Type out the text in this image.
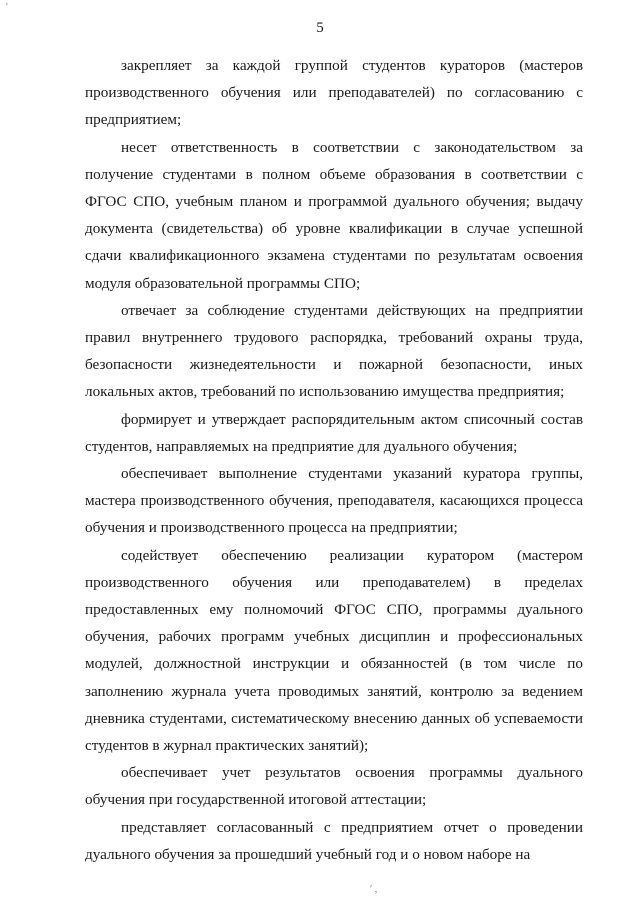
'
′ ,
5

закрепляет за каждой группой студентов кураторов (мастеров производственного обучения или преподавателей) по согласованию с предприятием;

несет ответственность в соответствии с законодательством за получение студентами в полном объеме образования в соответствии с ФГОС СПО, учебным планом и программой дуального обучения; выдачу документа (свидетельства) об уровне квалификации в случае успешной сдачи квалификационного экзамена студентами по результатам освоения модуля образовательной программы СПО;

отвечает за соблюдение студентами действующих на предприятии правил внутреннего трудового распорядка, требований охраны труда, безопасности жизнедеятельности и пожарной безопасности, иных локальных актов, требований по использованию имущества предприятия;

формирует и утверждает распорядительным актом списочный состав студентов, направляемых на предприятие для дуального обучения;

обеспечивает выполнение студентами указаний куратора группы, мастера производственного обучения, преподавателя, касающихся процесса обучения и производственного процесса на предприятии;

содействует обеспечению реализации куратором (мастером производственного обучения или преподавателем) в пределах предоставленных ему полномочий ФГОС СПО, программы дуального обучения, рабочих программ учебных дисциплин и профессиональных модулей, должностной инструкции и обязанностей (в том числе по заполнению журнала учета проводимых занятий, контролю за ведением дневника студентами, систематическому внесению данных об успеваемости студентов в журнал практических занятий);

обеспечивает учет результатов освоения программы дуального обучения при государственной итоговой аттестации;

представляет согласованный с предприятием отчет о проведении дуального обучения за прошедший учебный год и о новом наборе на
